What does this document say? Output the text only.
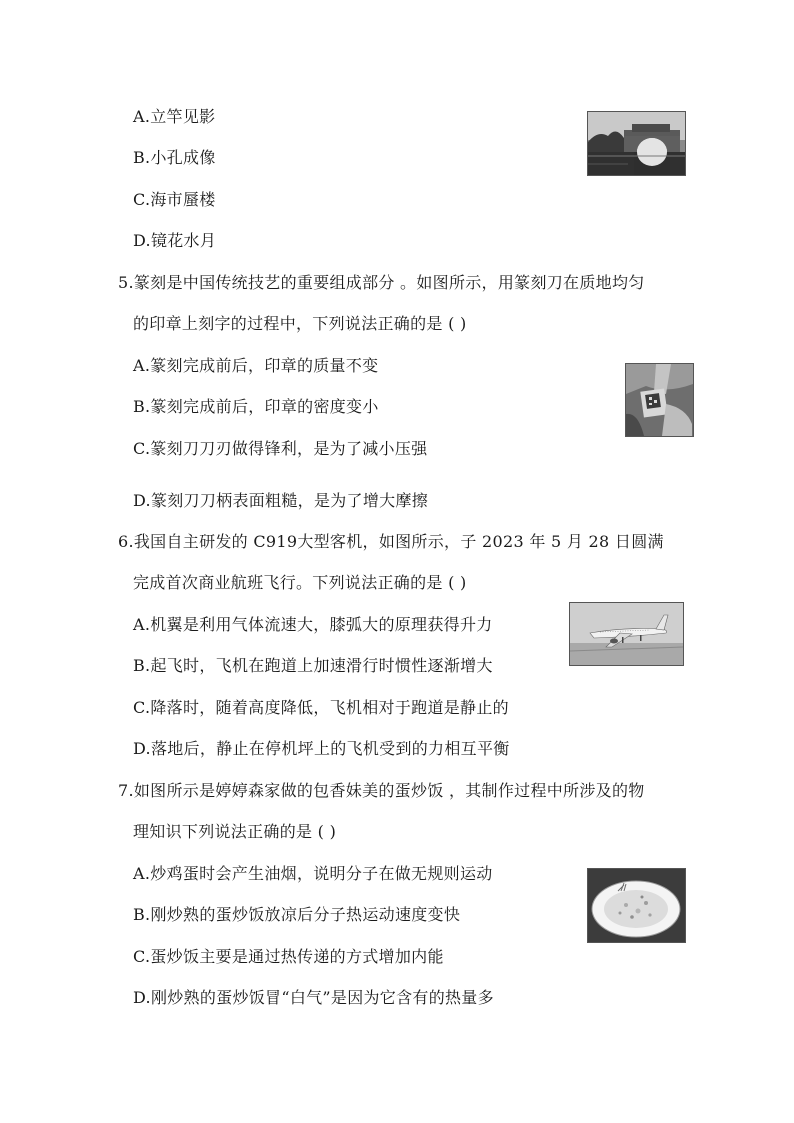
A.立竿见影
B.小孔成像
C.海市蜃楼
D.镜花水月
5.篆刻是中国传统技艺的重要组成部分 。如图所示，用篆刻刀在质地均匀
的印章上刻字的过程中，下列说法正确的是 ( )
A.篆刻完成前后，印章的质量不变
B.篆刻完成前后，印章的密度变小
C.篆刻刀刀刃做得锋利，是为了减小压强
D.篆刻刀刀柄表面粗糙，是为了增大摩擦
6.我国自主研发的 C919大型客机，如图所示，子 2023 年 5 月 28 日圆满
完成首次商业航班飞行。下列说法正确的是 ( )
A.机翼是利用气体流速大，膝弧大的原理获得升力
B.起飞时，飞机在跑道上加速滑行时惯性逐渐增大
C.降落时，随着高度降低，飞机相对于跑道是静止的
D.落地后，静止在停机坪上的飞机受到的力相互平衡
7.如图所示是婷婷森家做的包香妹美的蛋炒饭 ，其制作过程中所涉及的物
理知识下列说法正确的是 ( )
A.炒鸡蛋时会产生油烟，说明分子在做无规则运动
B.刚炒熟的蛋炒饭放凉后分子热运动速度变快
C.蛋炒饭主要是通过热传递的方式增加内能
D.刚炒熟的蛋炒饭冒“白气”是因为它含有的热量多
